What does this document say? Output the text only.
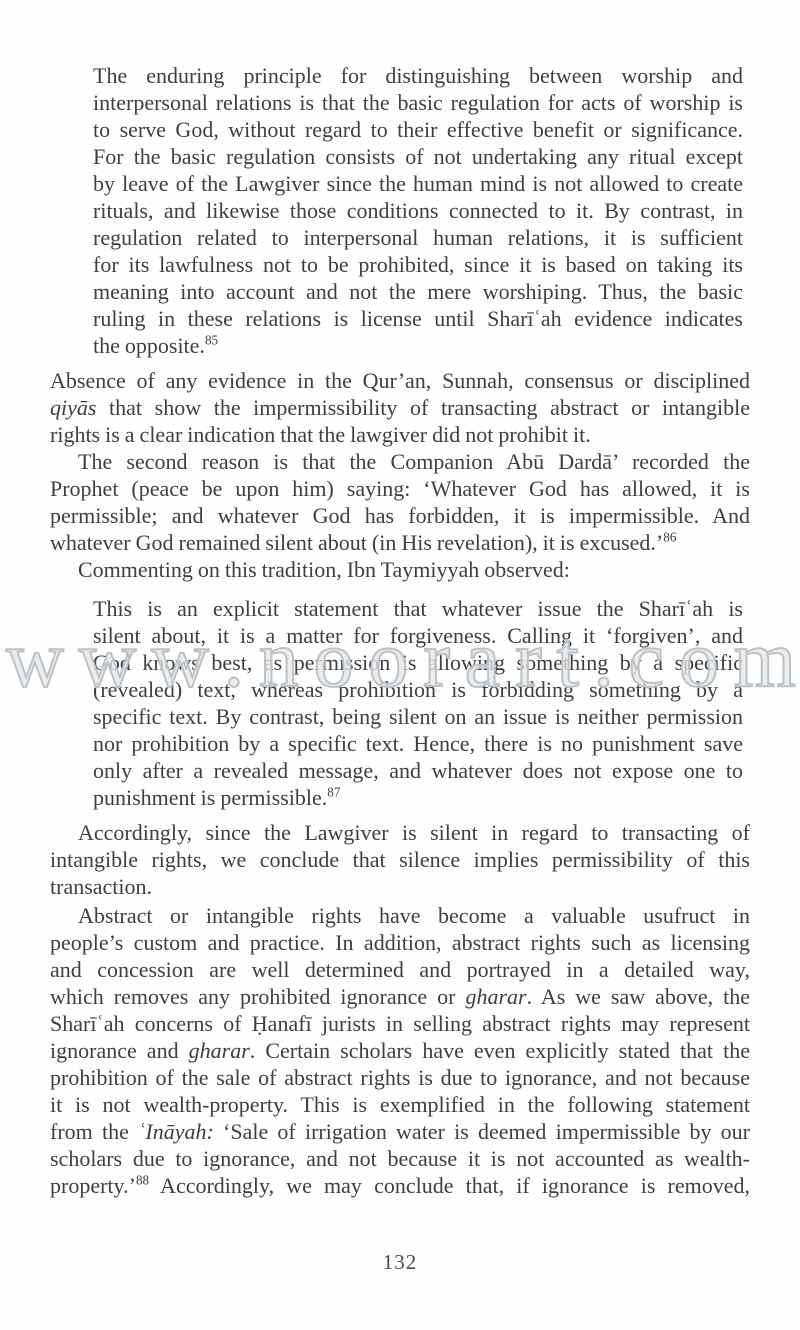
The enduring principle for distinguishing between worship and
interpersonal relations is that the basic regulation for acts of worship is
to serve God, without regard to their effective benefit or significance.
For the basic regulation consists of not undertaking any ritual except
by leave of the Lawgiver since the human mind is not allowed to create
rituals, and likewise those conditions connected to it. By contrast, in
regulation related to interpersonal human relations, it is sufficient
for its lawfulness not to be prohibited, since it is based on taking its
meaning into account and not the mere worshiping. Thus, the basic
ruling in these relations is license until Sharīʿah evidence indicates
the opposite.$^{85}$
Absence of any evidence in the Qur’an, Sunnah, consensus or disciplined
qiyās that show the impermissibility of transacting abstract or intangible
rights is a clear indication that the lawgiver did not prohibit it.
The second reason is that the Companion Abū Dardā’ recorded the
Prophet (peace be upon him) saying: ‘Whatever God has allowed, it is
permissible; and whatever God has forbidden, it is impermissible. And
whatever God remained silent about (in His revelation), it is excused.’$^{86}$
Commenting on this tradition, Ibn Taymiyyah observed:
This is an explicit statement that whatever issue the Sharīʿah is
silent about, it is a matter for forgiveness. Calling it ‘forgiven’, and
God knows best, as permission is allowing something by a specific
(revealed) text, whereas prohibition is forbidding something by a
specific text. By contrast, being silent on an issue is neither permission
nor prohibition by a specific text. Hence, there is no punishment save
only after a revealed message, and whatever does not expose one to
punishment is permissible.$^{87}$
Accordingly, since the Lawgiver is silent in regard to transacting of
intangible rights, we conclude that silence implies permissibility of this
transaction.
Abstract or intangible rights have become a valuable usufruct in
people’s custom and practice. In addition, abstract rights such as licensing
and concession are well determined and portrayed in a detailed way,
which removes any prohibited ignorance or gharar. As we saw above, the
Sharīʿah concerns of Ḥanafī jurists in selling abstract rights may represent
ignorance and gharar. Certain scholars have even explicitly stated that the
prohibition of the sale of abstract rights is due to ignorance, and not because
it is not wealth-property. This is exemplified in the following statement
from the ʿInāyah: ‘Sale of irrigation water is deemed impermissible by our
scholars due to ignorance, and not because it is not accounted as wealth-
property.’$^{88}$ Accordingly, we may conclude that, if ignorance is removed,
w w w . n o o r a r t . c o m
132
